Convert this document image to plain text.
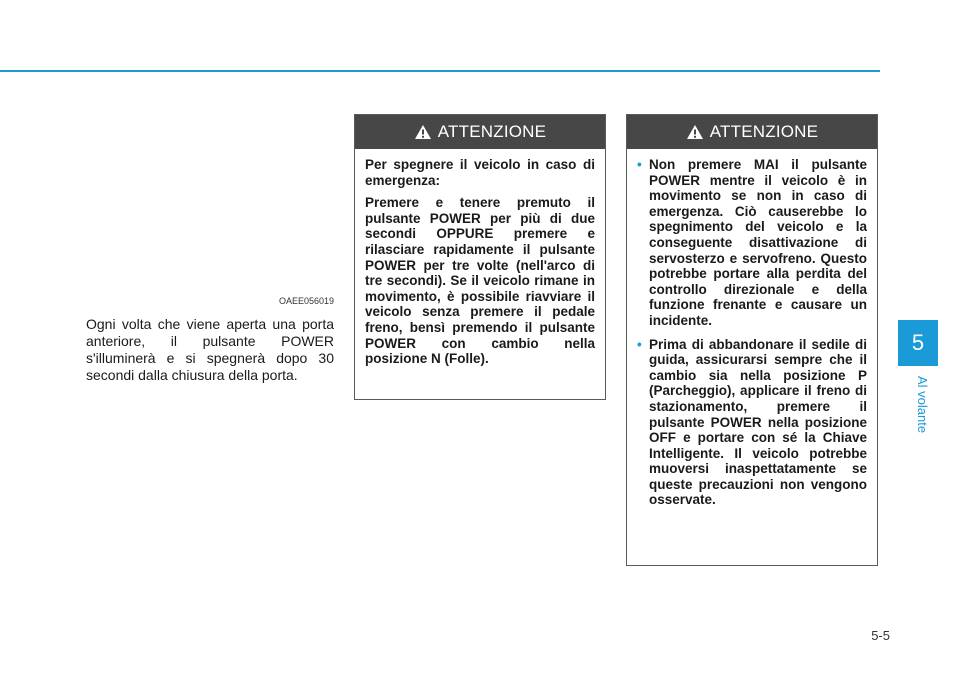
5
Al volante
OAEE056019
Ogni volta che viene aperta una porta anteriore, il pulsante POWER s'illuminerà e si spegnerà dopo 30 secondi dalla chiusura della porta.
ATTENZIONE

Per spegnere il veicolo in caso di emergenza:

Premere e tenere premuto il pulsante POWER per più di due secondi OPPURE premere e rilasciare rapidamente il pulsante POWER per tre volte (nell'arco di tre secondi). Se il veicolo rimane in movimento, è possibile riavviare il veicolo senza premere il pedale freno, bensì premendo il pulsante POWER con cambio nella posizione N (Folle).

ATTENZIONE
• Non premere MAI il pulsante POWER mentre il veicolo è in movimento se non in caso di emergenza. Ciò causerebbe lo spegnimento del veicolo e la conseguente disattivazione di servosterzo e servofreno. Questo potrebbe portare alla perdita del controllo direzionale e della funzione frenante e causare un incidente.
• Prima di abbandonare il sedile di guida, assicurarsi sempre che il cambio sia nella posizione P (Parcheggio), applicare il freno di stazionamento, premere il pulsante POWER nella posizione OFF e portare con sé la Chiave Intelligente. Il veicolo potrebbe muoversi inaspettatamente se queste precauzioni non vengono osservate.
5-5
